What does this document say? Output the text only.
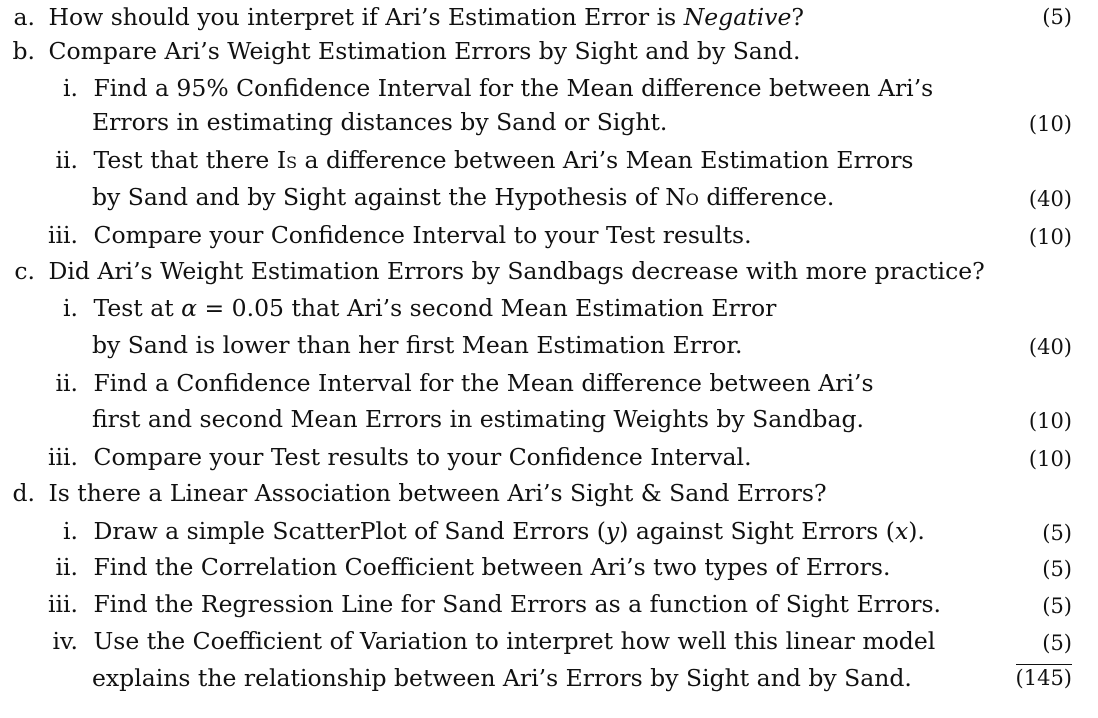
a. How should you interpret if Ari’s Estimation Error is Negative?	(5)
b. Compare Ari’s Weight Estimation Errors by Sight and by Sand.
i. Find a 95% Confidence Interval for the Mean difference between Ari’s
Errors in estimating distances by Sand or Sight.	(10)
ii. Test that there Is a difference between Ari’s Mean Estimation Errors
by Sand and by Sight against the Hypothesis of No difference.	(40)
iii. Compare your Confidence Interval to your Test results.	(10)
c. Did Ari’s Weight Estimation Errors by Sandbags decrease with more practice?
i. Test at α = 0.05 that Ari’s second Mean Estimation Error
by Sand is lower than her first Mean Estimation Error.	(40)
ii. Find a Confidence Interval for the Mean difference between Ari’s
first and second Mean Errors in estimating Weights by Sandbag.	(10)
iii. Compare your Test results to your Confidence Interval.	(10)
d. Is there a Linear Association between Ari’s Sight & Sand Errors?
i. Draw a simple ScatterPlot of Sand Errors (y) against Sight Errors (x).	(5)
ii. Find the Correlation Coefficient between Ari’s two types of Errors.	(5)
iii. Find the Regression Line for Sand Errors as a function of Sight Errors.	(5)
iv. Use the Coefficient of Variation to interpret how well this linear model	(5)
explains the relationship between Ari’s Errors by Sight and by Sand.	(145)
